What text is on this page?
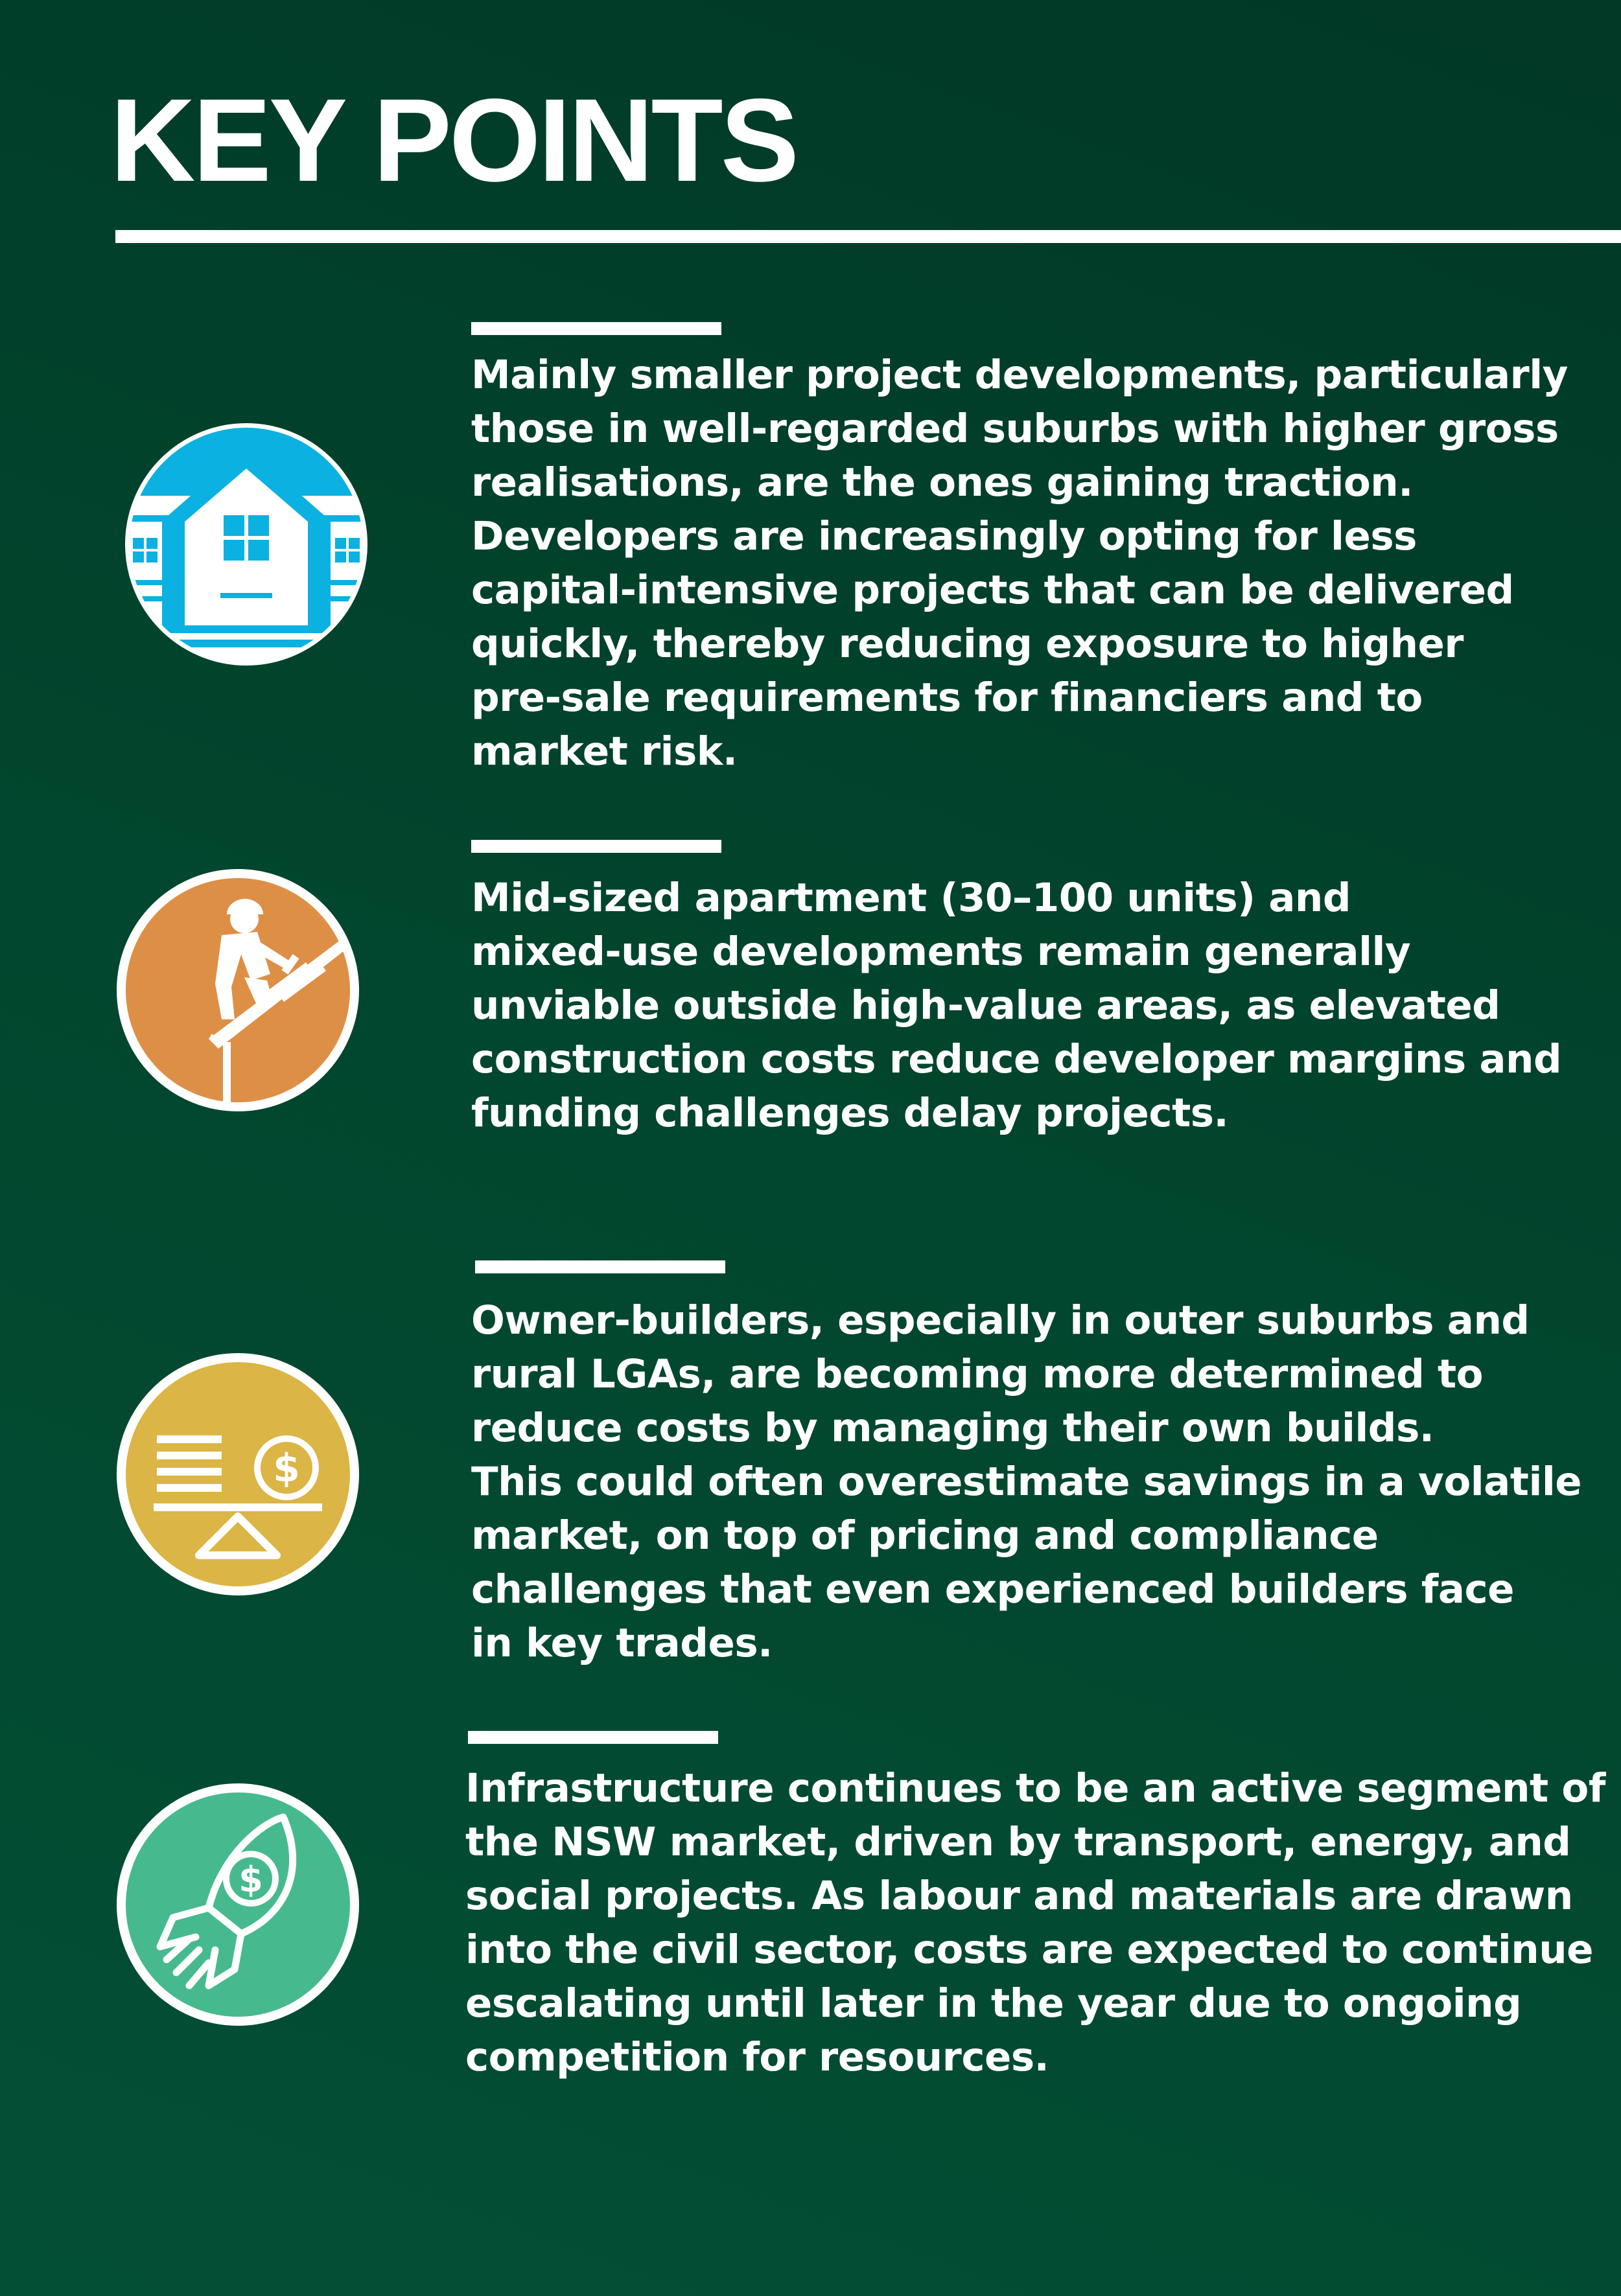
KEY POINTS

Mainly smaller project developments, particularly
those in well-regarded suburbs with higher gross
realisations, are the ones gaining traction.
Developers are increasingly opting for less
capital-intensive projects that can be delivered
quickly, thereby reducing exposure to higher
pre-sale requirements for financiers and to
market risk.

Mid-sized apartment (30–100 units) and
mixed-use developments remain generally
unviable outside high-value areas, as elevated
construction costs reduce developer margins and
funding challenges delay projects.

$

Owner-builders, especially in outer suburbs and
rural LGAs, are becoming more determined to
reduce costs by managing their own builds.
This could often overestimate savings in a volatile
market, on top of pricing and compliance
challenges that even experienced builders face
in key trades.

$

Infrastructure continues to be an active segment of
the NSW market, driven by transport, energy, and
social projects. As labour and materials are drawn
into the civil sector, costs are expected to continue
escalating until later in the year due to ongoing
competition for resources.
